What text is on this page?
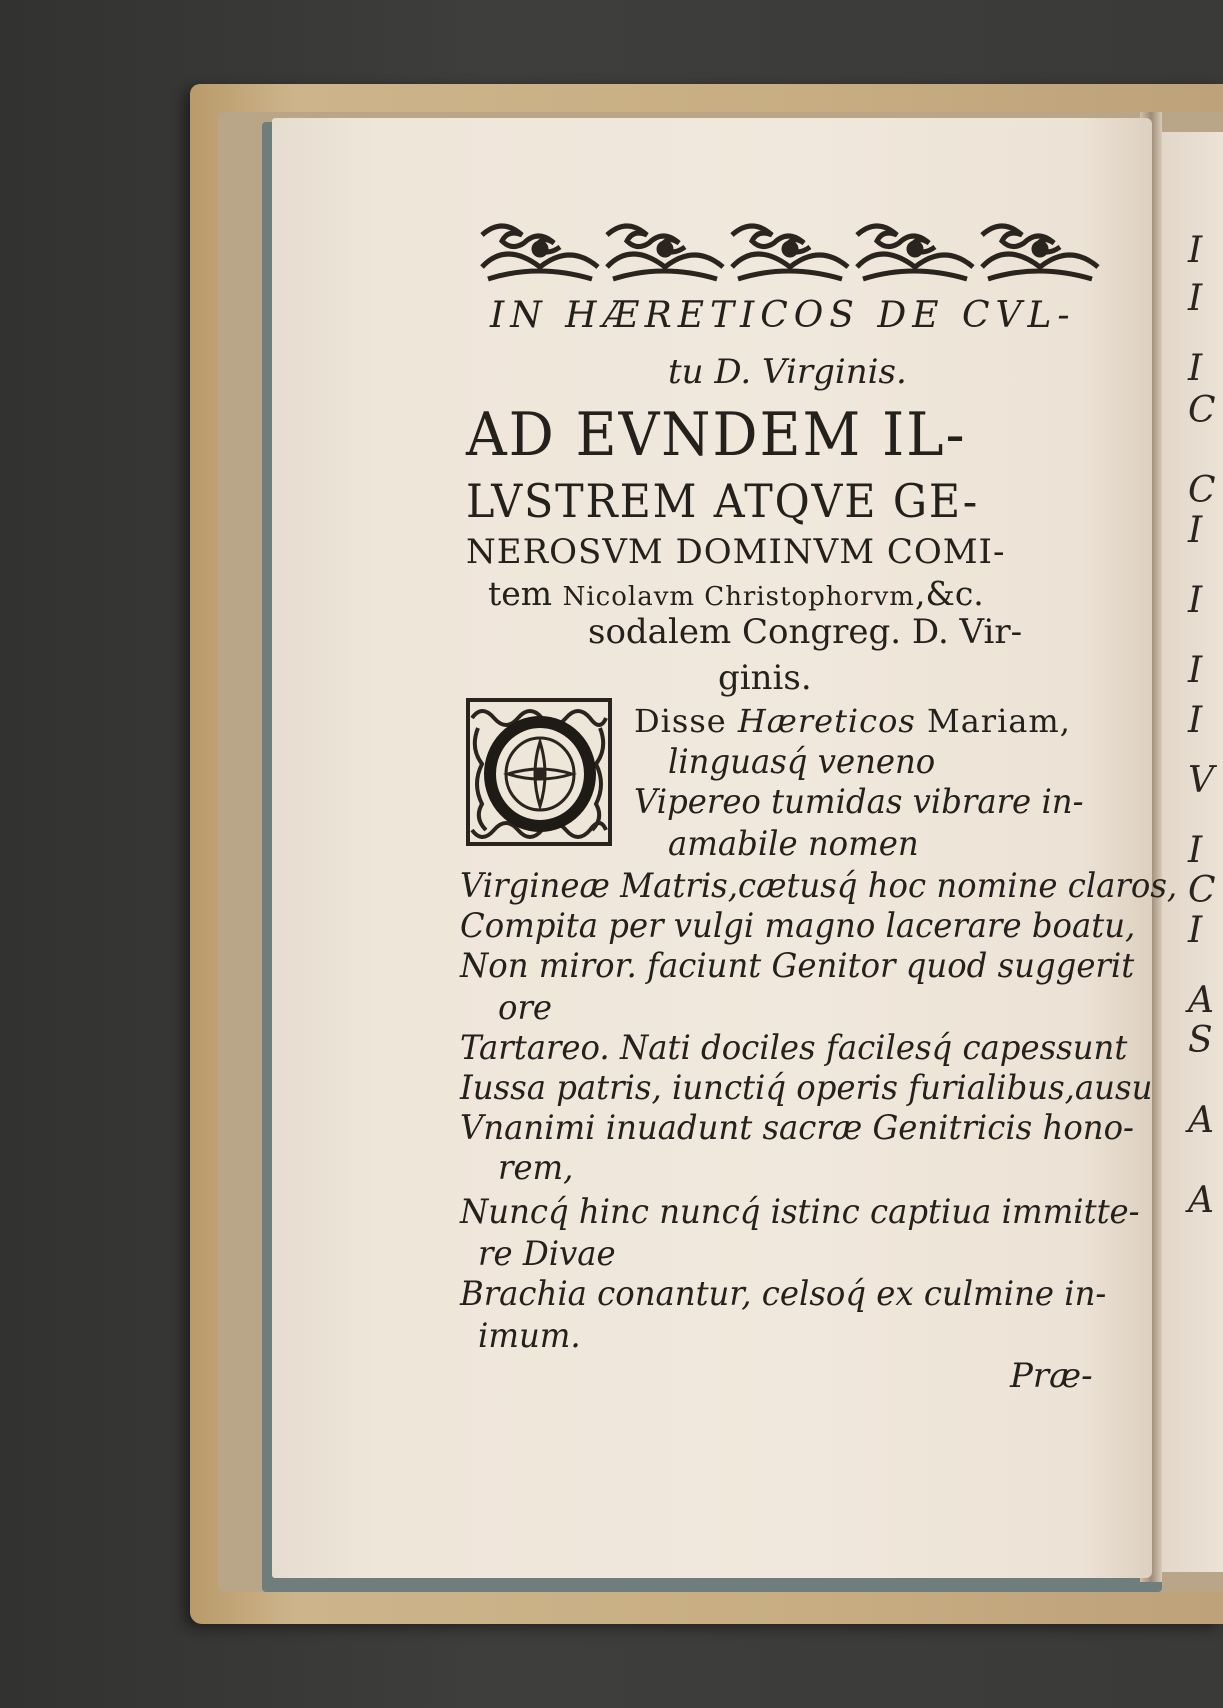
I
I
I
C
C
I
I
I
I
V
I
C
I
A
S
A
A
IN HÆRETICOS DE CVL-
tu D. Virginis.
AD EVNDEM IL-
LVSTREM ATQVE GE-
NEROSVM DOMINVM COMI-
tem Nicolavm Christophorvm,&c.
sodalem Congreg. D. Vir-
ginis.
Disse Hæreticos Mariam,
linguasq́ veneno
Vipereo tumidas vibrare in-
amabile nomen
Virgineæ Matris,cætusq́ hoc nomine claros,
Compita per vulgi magno lacerare boatu,
Non miror. faciunt Genitor quod suggerit
ore
Tartareo. Nati dociles facilesq́ capessunt
Iussa patris, iunctiq́ operis furialibus,ausu
Vnanimi inuadunt sacræ Genitricis hono-
rem,
Nuncq́ hinc nuncq́ istinc captiua immitte-
re Divae
Brachia conantur, celsoq́ ex culmine in-
imum.
Præ-
